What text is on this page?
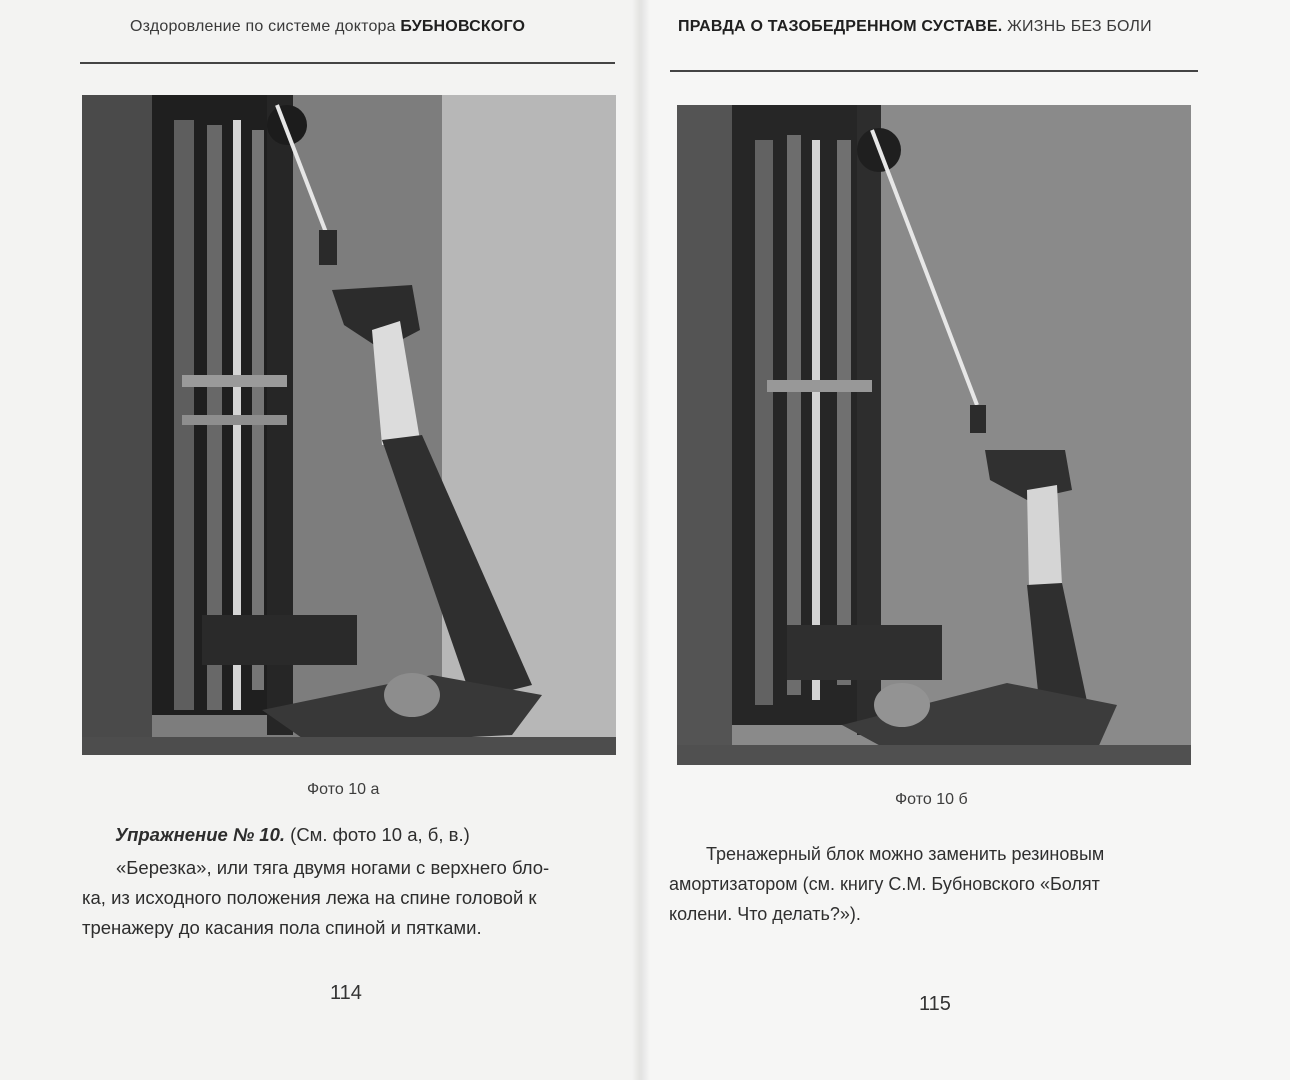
Оздоровление по системе доктора БУБНОВСКОГО
Фото 10 а
Упражнение № 10. (См. фото 10 а, б, в.)
«Березка», или тяга двумя ногами с верхнего бло-
ка, из исходного положения лежа на спине головой к
тренажеру до касания пола спиной и пятками.
114
ПРАВДА О ТАЗОБЕДРЕННОМ СУСТАВЕ. ЖИЗНЬ БЕЗ БОЛИ
Фото 10 б
Тренажерный блок можно заменить резиновым
амортизатором (см. книгу С.М. Бубновского «Болят
колени. Что делать?»).
115
